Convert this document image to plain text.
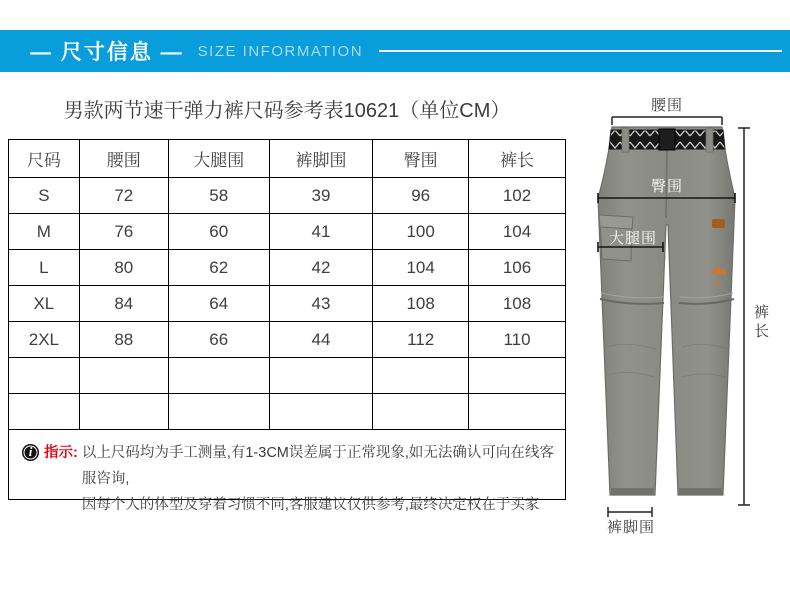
— 尺寸信息 — SIZE INFORMATION
男款两节速干弹力裤尺码参考表10621（单位CM）
尺码	腰围	大腿围	裤脚围	臀围	裤长
S	72	58	39	96	102
M	76	60	41	100	104
L	80	62	42	104	106
XL	84	64	43	108	108
2XL	88	66	44	112	110

i 指示: 以上尺码均为手工测量,有1-3CM误差属于正常现象,如无法确认可向在线客服咨询,
因每个人的体型及穿着习惯不同,客服建议仅供参考,最终决定权在于买家
腰围
臀围
大腿围
裤长
裤脚围
